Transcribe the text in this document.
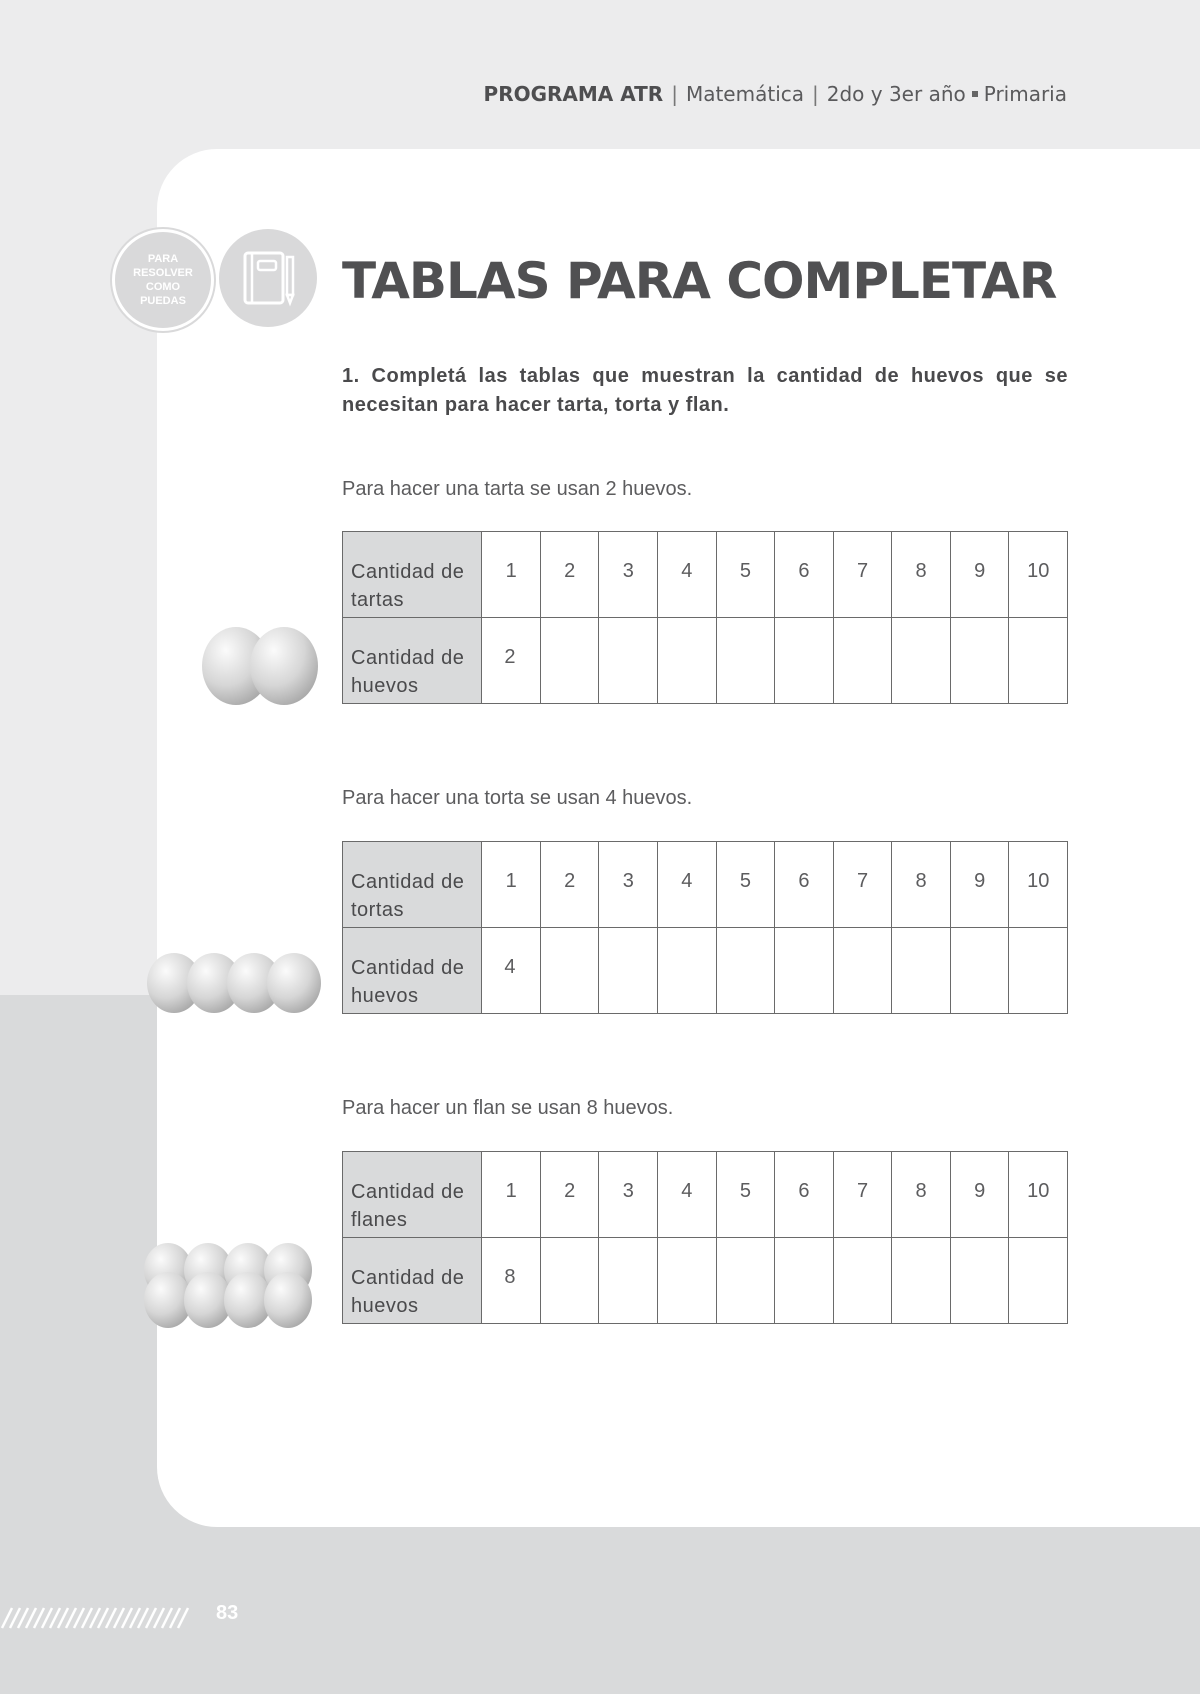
PROGRAMA ATR | Matemática | 2do y 3er año Primaria
PARA
RESOLVER
COMO
PUEDAS	TABLAS PARA COMPLETAR
1. Completá las tablas que muestran la cantidad de huevos que se necesitan para hacer tarta, torta y flan.
Para hacer una tarta se usan 2 huevos.
Cantidad de tartas	1	2	3	4	5	6	7	8	9	10
Cantidad de huevos	2									
Para hacer una torta se usan 4 huevos.
Cantidad de tortas	1	2	3	4	5	6	7	8	9	10
Cantidad de huevos	4									
Para hacer un flan se usan 8 huevos.
Cantidad de flanes	1	2	3	4	5	6	7	8	9	10
Cantidad de huevos	8									
83
